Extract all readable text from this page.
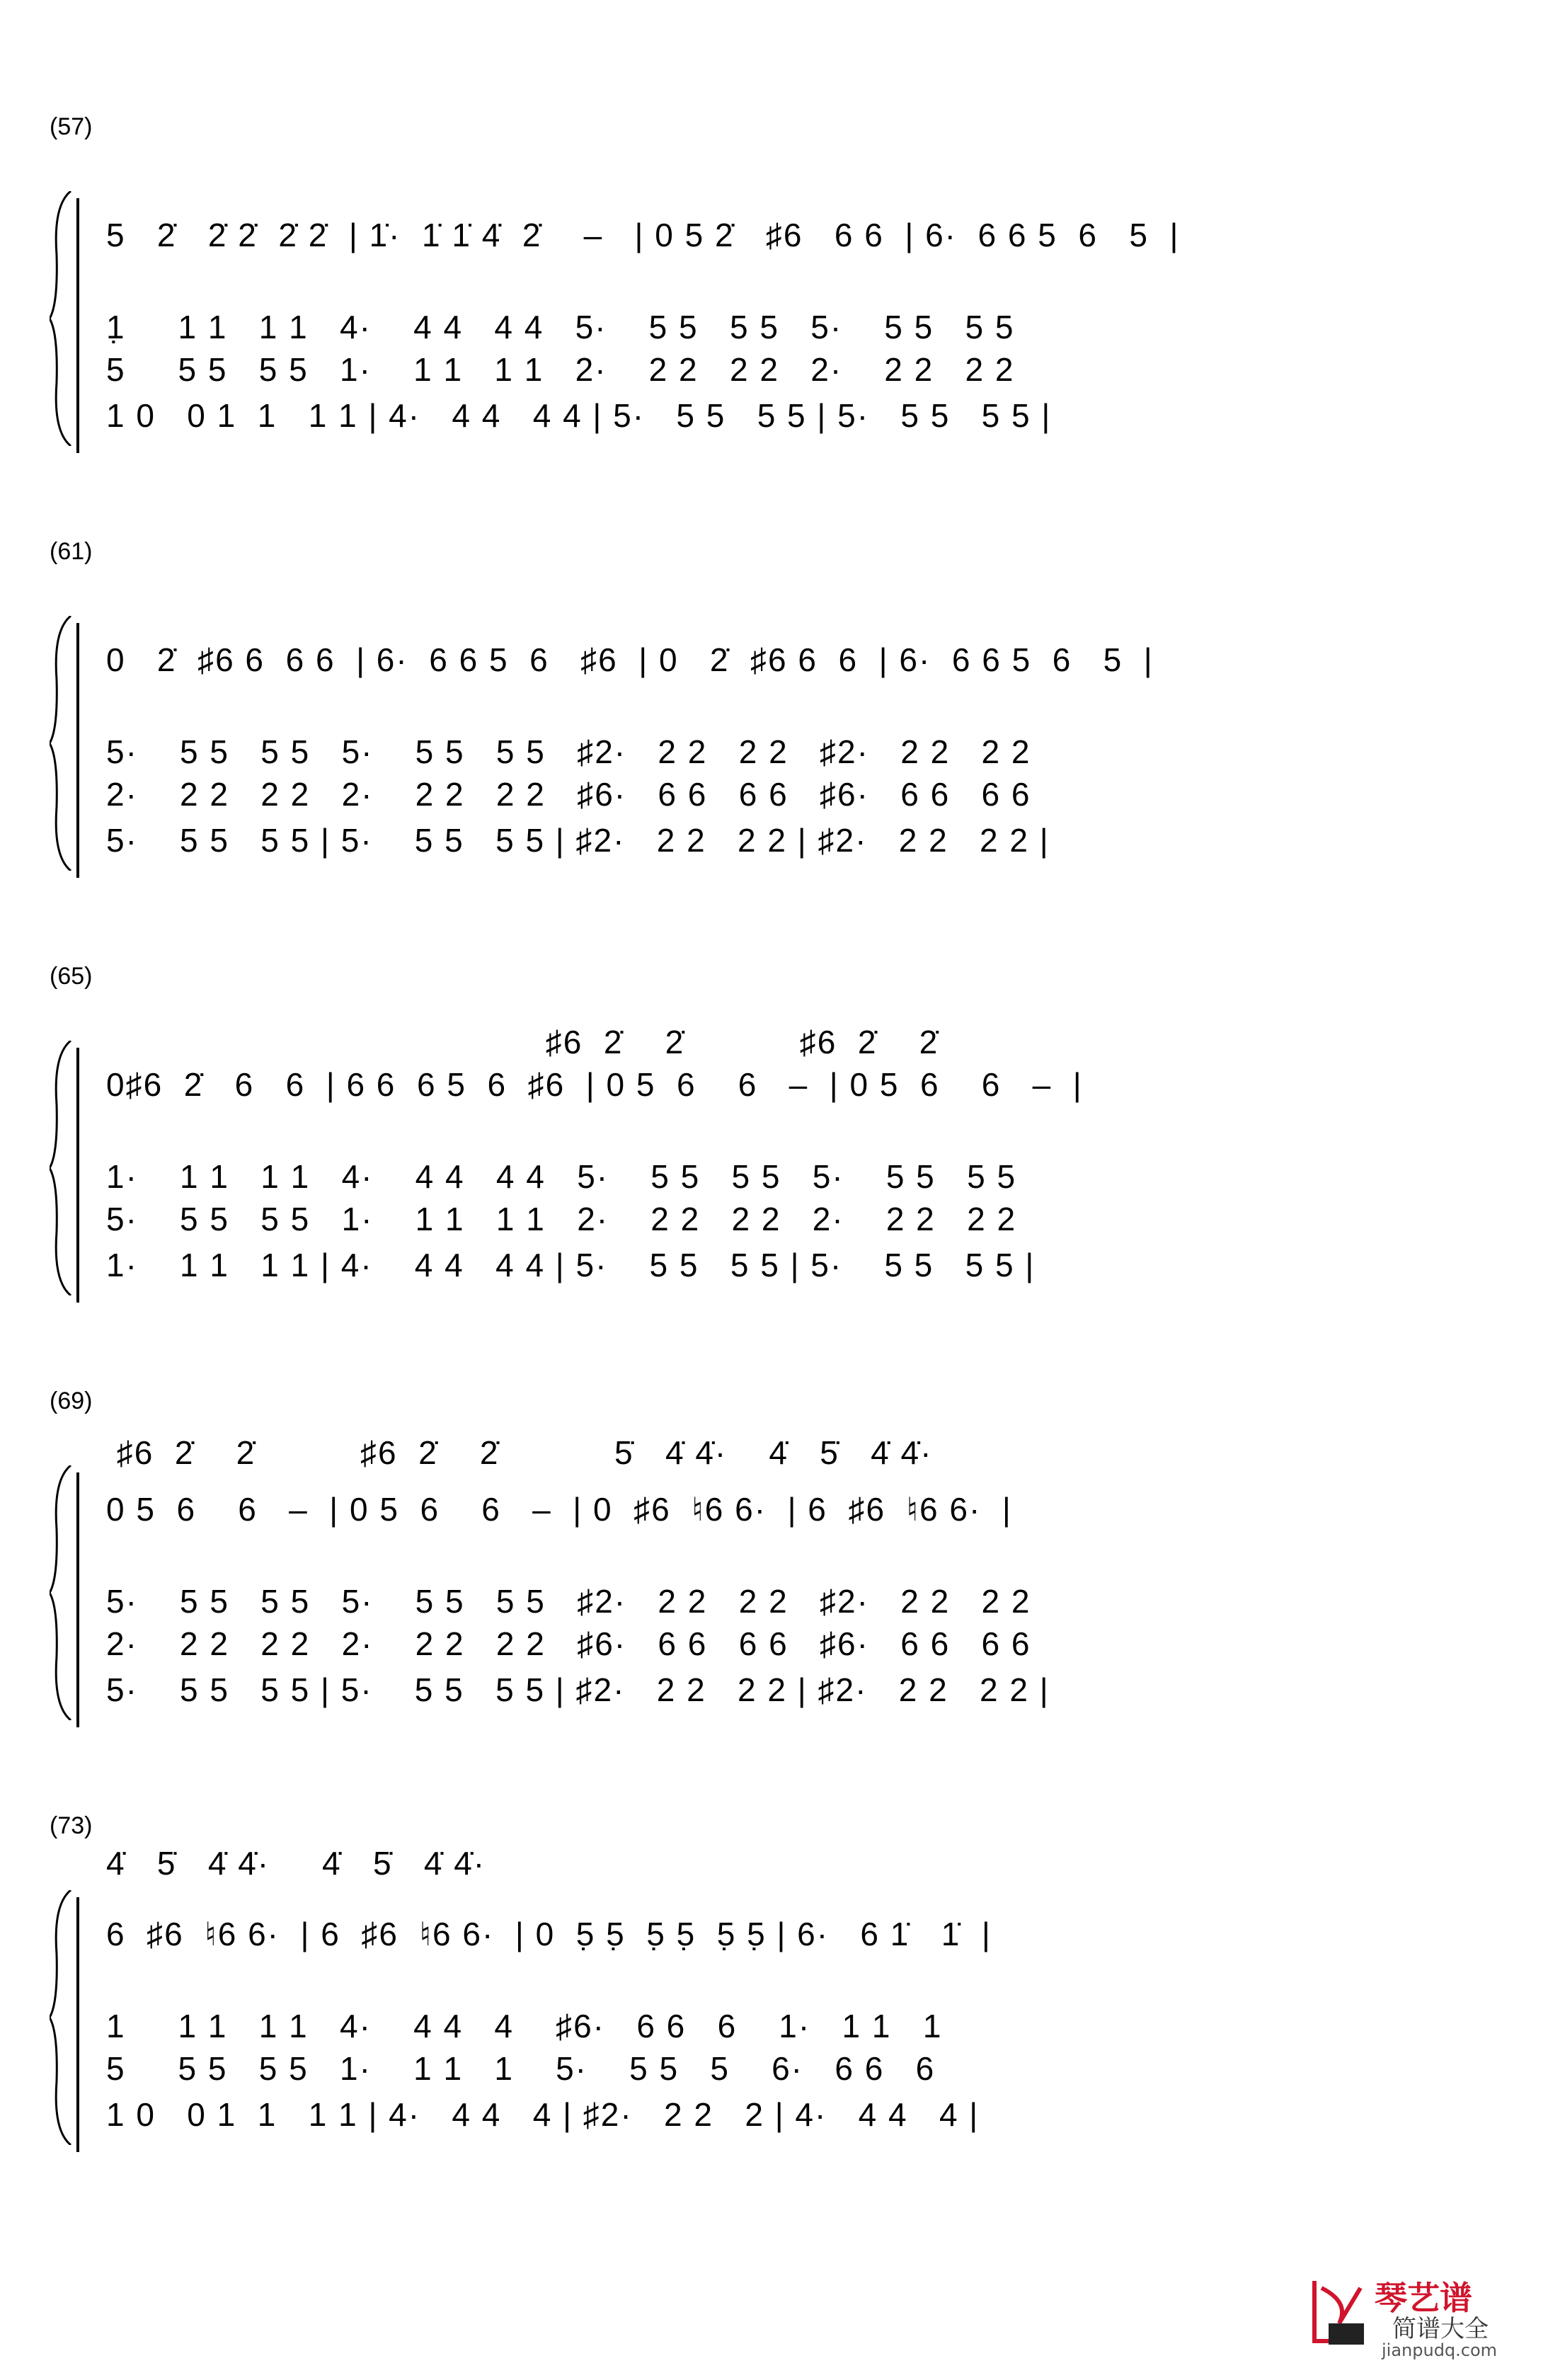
(57)
5   2̇   2̇ 2̇  2̇ 2̇  | 1̇·  1̇ 1̇ 4̇  2̇    –   | 0 5 2̇   ♯6   6 6  | 6·  6 6 5  6   5  |
1̣     1 1   1 1   4·    4 4   4 4   5·    5 5   5 5   5·    5 5   5 5
5     5 5   5 5   1·    1 1   1 1   2·    2 2   2 2   2·    2 2   2 2
1 0   0 1  1   1 1 | 4·   4 4   4 4 | 5·   5 5   5 5 | 5·   5 5   5 5 |
(61)
0   2̇  ♯6 6  6 6  | 6·  6 6 5  6   ♯6  | 0   2̇  ♯6 6  6  | 6·  6 6 5  6   5  |
5·    5 5   5 5   5·    5 5   5 5   ♯2·   2 2   2 2   ♯2·   2 2   2 2
2·    2 2   2 2   2·    2 2   2 2   ♯6·   6 6   6 6   ♯6·   6 6   6 6
5·    5 5   5 5 | 5·    5 5   5 5 | ♯2·   2 2   2 2 | ♯2·   2 2   2 2 |
(65)
♯6  2̇    2̇           ♯6  2̇    2̇
0♯6  2̇   6   6  | 6 6  6 5  6  ♯6  | 0 5  6    6   –  | 0 5  6    6   –  |
1·    1 1   1 1   4·    4 4   4 4   5·    5 5   5 5   5·    5 5   5 5
5·    5 5   5 5   1·    1 1   1 1   2·    2 2   2 2   2·    2 2   2 2
1·    1 1   1 1 | 4·    4 4   4 4 | 5·    5 5   5 5 | 5·    5 5   5 5 |
(69)
♯6  2̇    2̇          ♯6  2̇    2̇           5̇   4̇ 4̇·    4̇   5̇   4̇ 4̇·
0 5  6    6   –  | 0 5  6    6   –  | 0  ♯6  ♮6 6·  | 6  ♯6  ♮6 6·  |
5·    5 5   5 5   5·    5 5   5 5   ♯2·   2 2   2 2   ♯2·   2 2   2 2
2·    2 2   2 2   2·    2 2   2 2   ♯6·   6 6   6 6   ♯6·   6 6   6 6
5·    5 5   5 5 | 5·    5 5   5 5 | ♯2·   2 2   2 2 | ♯2·   2 2   2 2 |
(73)
4̇   5̇   4̇ 4̇·     4̇   5̇   4̇ 4̇·
6  ♯6  ♮6 6·  | 6  ♯6  ♮6 6·  | 0  5̣ 5̣  5̣ 5̣  5̣ 5̣ | 6·   6 1̇   1̇  |
1     1 1   1 1   4·    4 4   4    ♯6·   6 6   6    1·   1 1   1
5     5 5   5 5   1·    1 1   1    5·    5 5   5    6·   6 6   6
1 0   0 1  1   1 1 | 4·   4 4   4 | ♯2·   2 2   2 | 4·   4 4   4 |
琴艺谱
简谱大全
jianpudq.com
